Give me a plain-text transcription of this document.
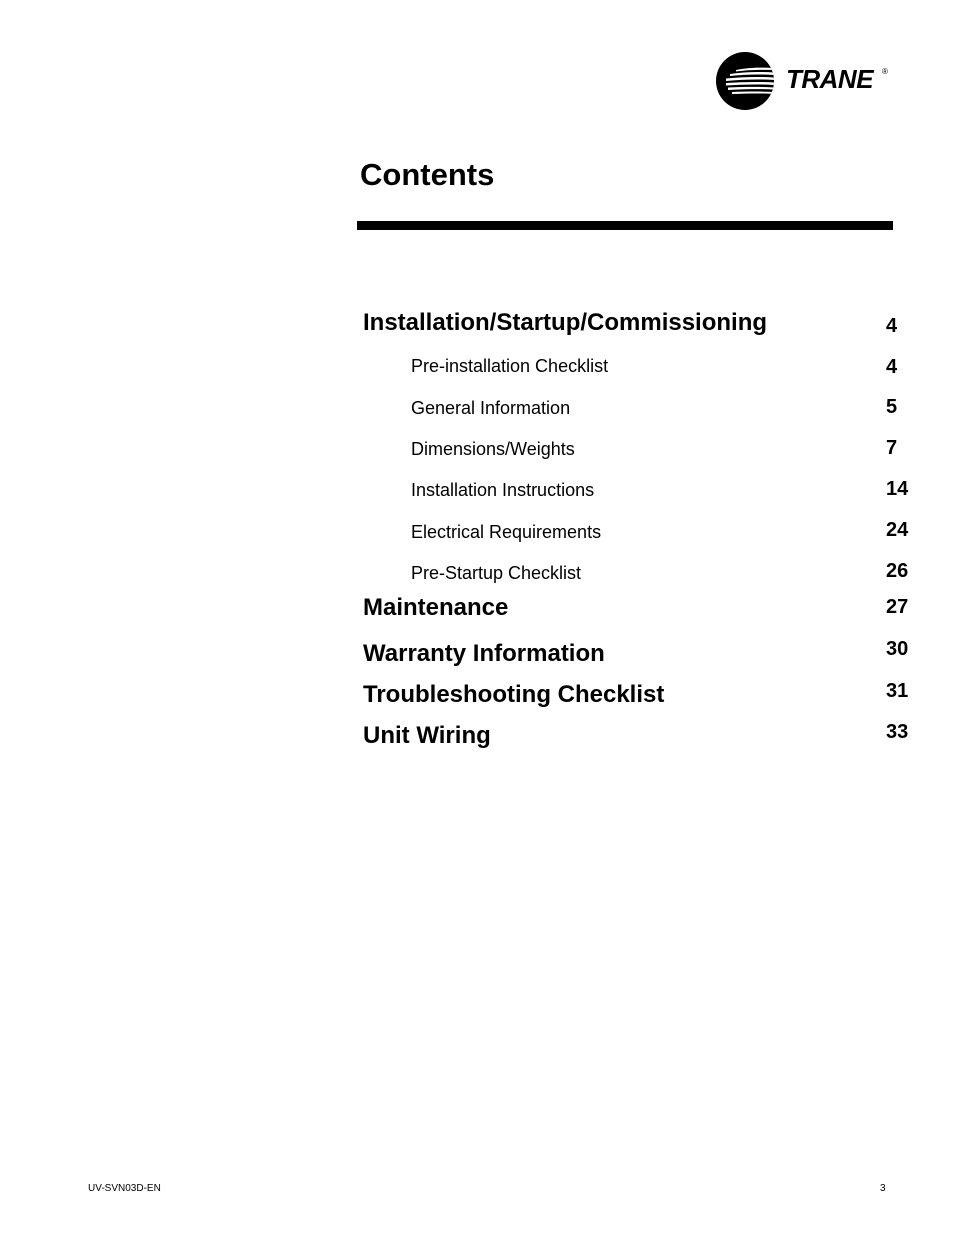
TRANE ®
Contents
Installation/Startup/Commissioning	4
Pre-installation Checklist	4
General Information	5
Dimensions/Weights	7
Installation Instructions	14
Electrical Requirements	24
Pre-Startup Checklist	26
Maintenance	27
Warranty Information	30
Troubleshooting Checklist	31
Unit Wiring	33
UV-SVN03D-EN	3
